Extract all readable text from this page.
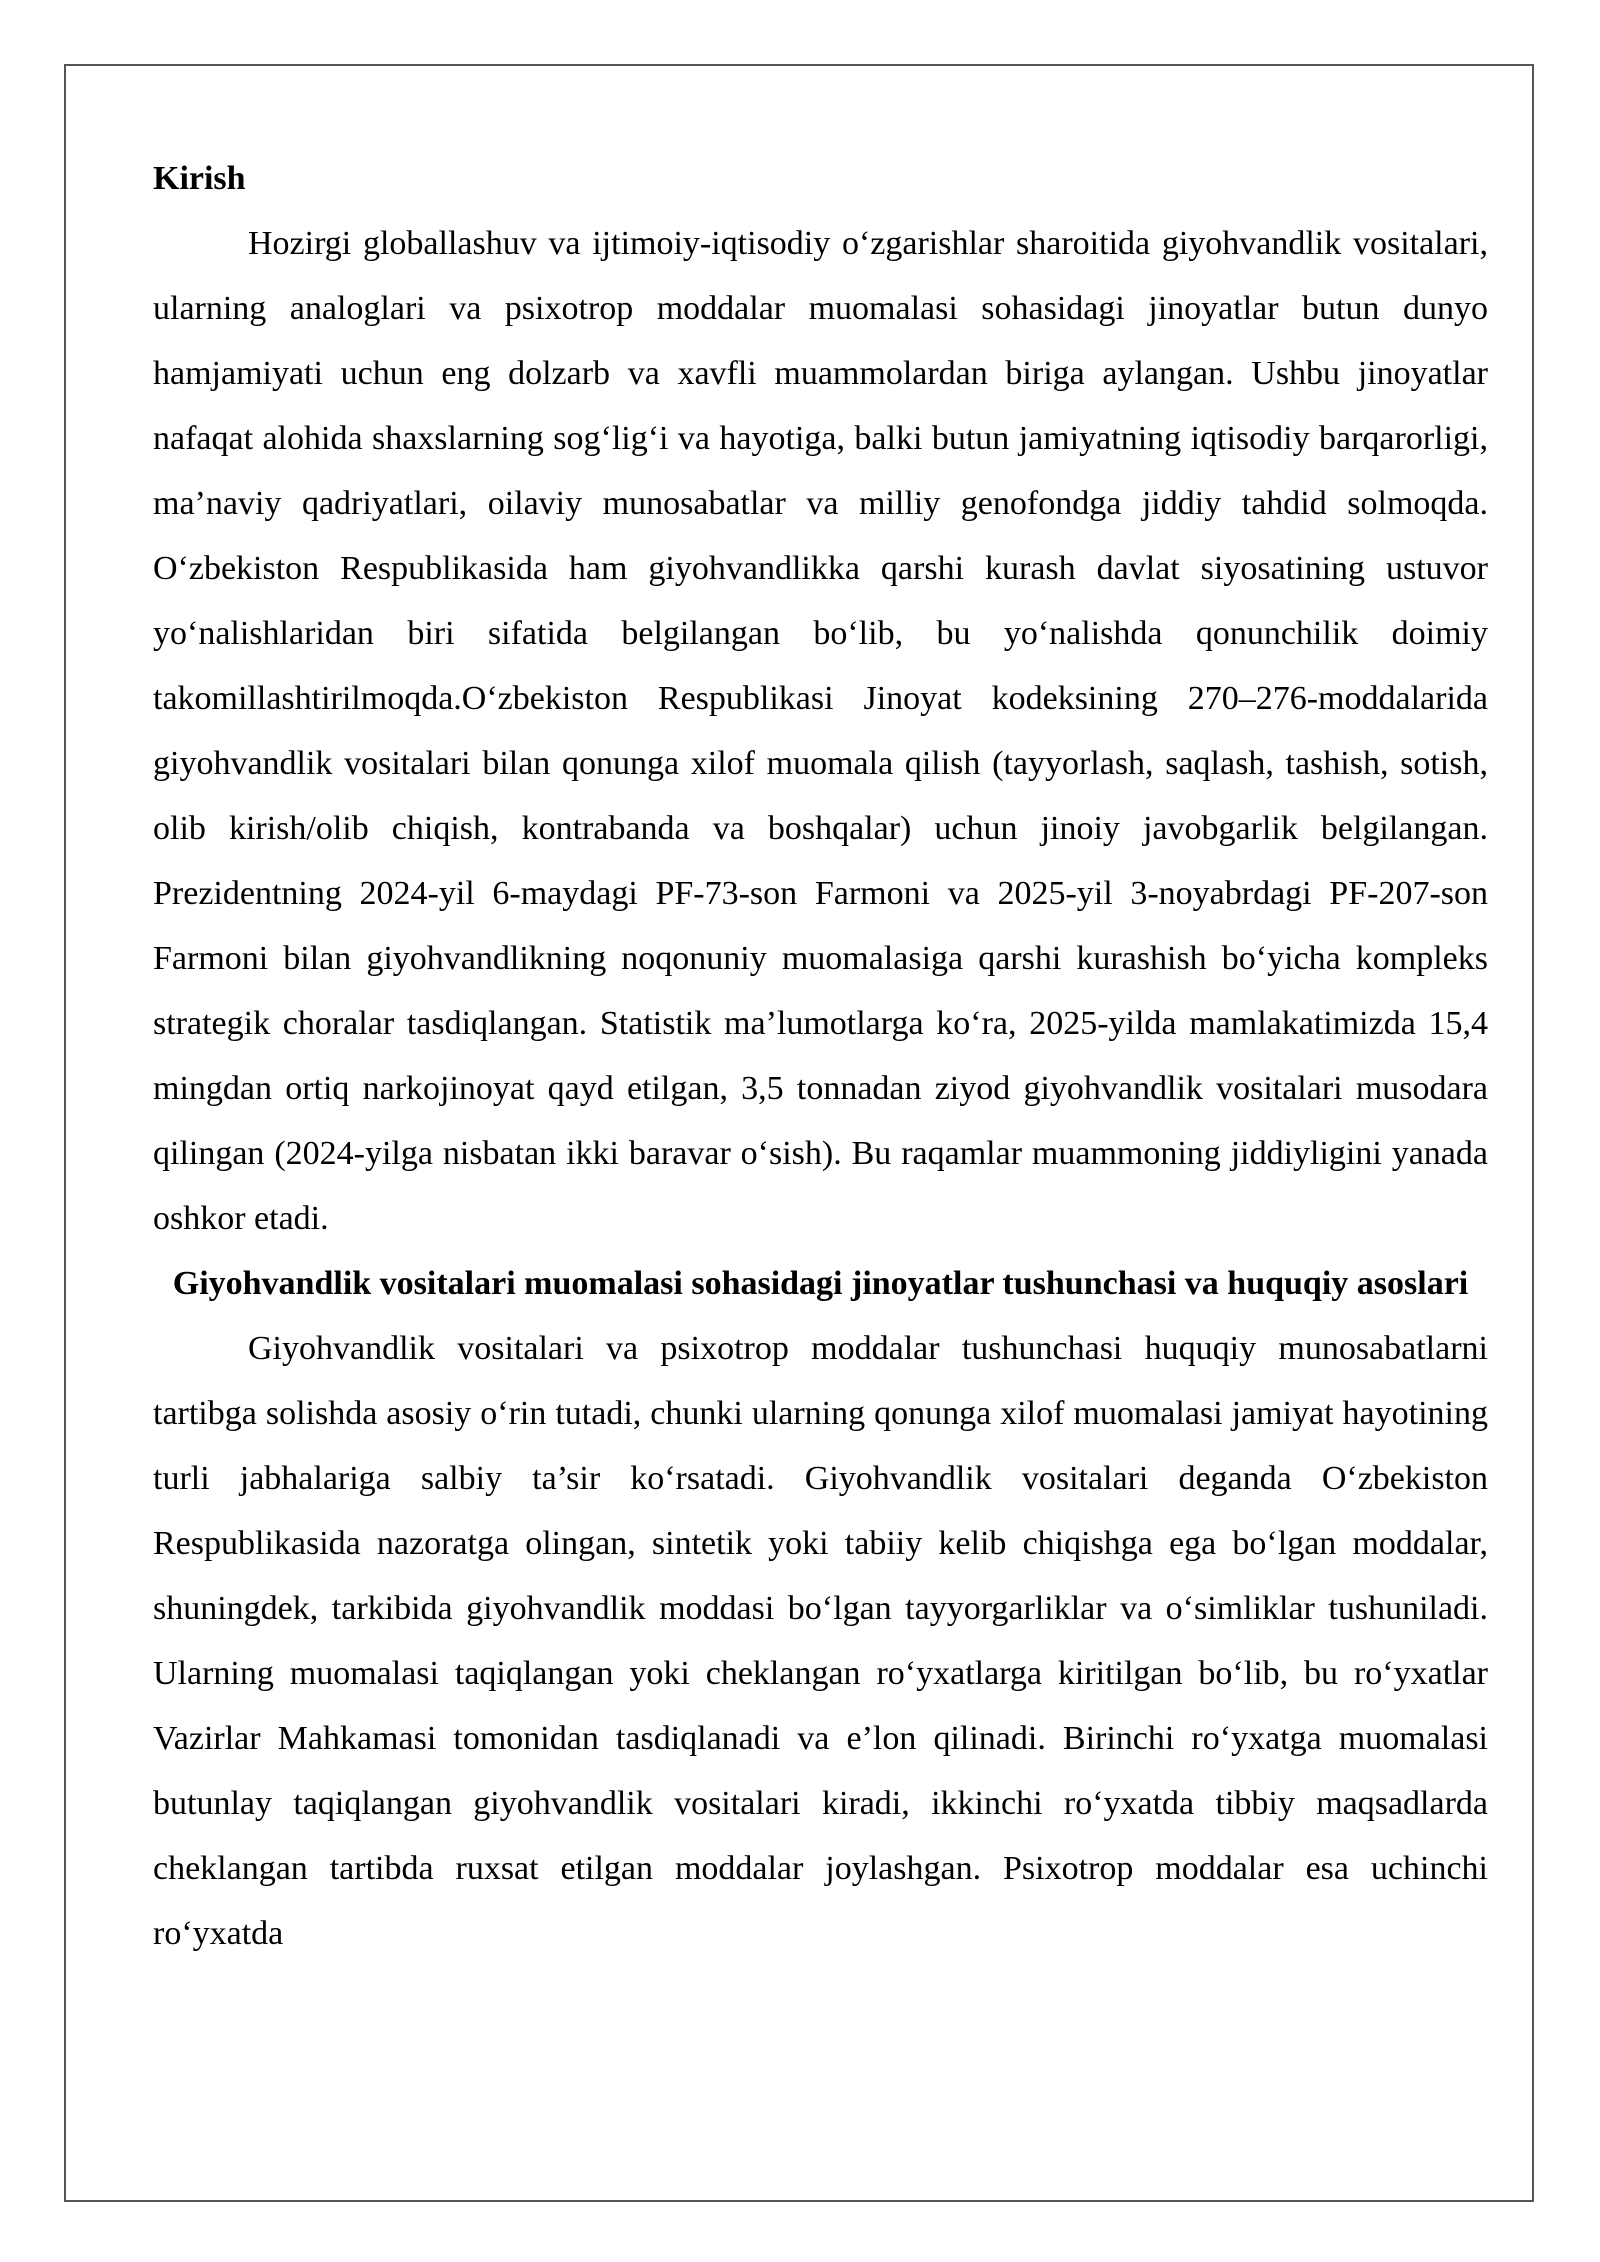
Kirish

Hozirgi globallashuv va ijtimoiy-iqtisodiy o‘zgarishlar sharoitida giyohvandlik vositalari, ularning analoglari va psixotrop moddalar muomalasi sohasidagi jinoyatlar butun dunyo hamjamiyati uchun eng dolzarb va xavfli muammolardan biriga aylangan. Ushbu jinoyatlar nafaqat alohida shaxslarning sog‘lig‘i va hayotiga, balki butun jamiyatning iqtisodiy barqarorligi, ma’naviy qadriyatlari, oilaviy munosabatlar va milliy genofondga jiddiy tahdid solmoqda. O‘zbekiston Respublikasida ham giyohvandlikka qarshi kurash davlat siyosatining ustuvor yo‘nalishlaridan biri sifatida belgilangan bo‘lib, bu yo‘nalishda qonunchilik doimiy takomillashtirilmoqda.O‘zbekiston Respublikasi Jinoyat kodeksining 270–276-moddalarida giyohvandlik vositalari bilan qonunga xilof muomala qilish (tayyorlash, saqlash, tashish, sotish, olib kirish/olib chiqish, kontrabanda va boshqalar) uchun jinoiy javobgarlik belgilangan. Prezidentning 2024-yil 6-maydagi PF-73-son Farmoni va 2025-yil 3-noyabrdagi PF-207-son Farmoni bilan giyohvandlikning noqonuniy muomalasiga qarshi kurashish bo‘yicha kompleks strategik choralar tasdiqlangan. Statistik ma’lumotlarga ko‘ra, 2025-yilda mamlakatimizda 15,4 mingdan ortiq narkojinoyat qayd etilgan, 3,5 tonnadan ziyod giyohvandlik vositalari musodara qilingan (2024-yilga nisbatan ikki baravar o‘sish). Bu raqamlar muammoning jiddiyligini yanada oshkor etadi.

Giyohvandlik vositalari muomalasi sohasidagi jinoyatlar tushunchasi va huquqiy asoslari

Giyohvandlik vositalari va psixotrop moddalar tushunchasi huquqiy munosabatlarni tartibga solishda asosiy o‘rin tutadi, chunki ularning qonunga xilof muomalasi jamiyat hayotining turli jabhalariga salbiy ta’sir ko‘rsatadi. Giyohvandlik vositalari deganda O‘zbekiston Respublikasida nazoratga olingan, sintetik yoki tabiiy kelib chiqishga ega bo‘lgan moddalar, shuningdek, tarkibida giyohvandlik moddasi bo‘lgan tayyorgarliklar va o‘simliklar tushuniladi. Ularning muomalasi taqiqlangan yoki cheklangan ro‘yxatlarga kiritilgan bo‘lib, bu ro‘yxatlar Vazirlar Mahkamasi tomonidan tasdiqlanadi va e’lon qilinadi. Birinchi ro‘yxatga muomalasi butunlay taqiqlangan giyohvandlik vositalari kiradi, ikkinchi ro‘yxatda tibbiy maqsadlarda cheklangan tartibda ruxsat etilgan moddalar joylashgan. Psixotrop moddalar esa uchinchi ro‘yxatda
